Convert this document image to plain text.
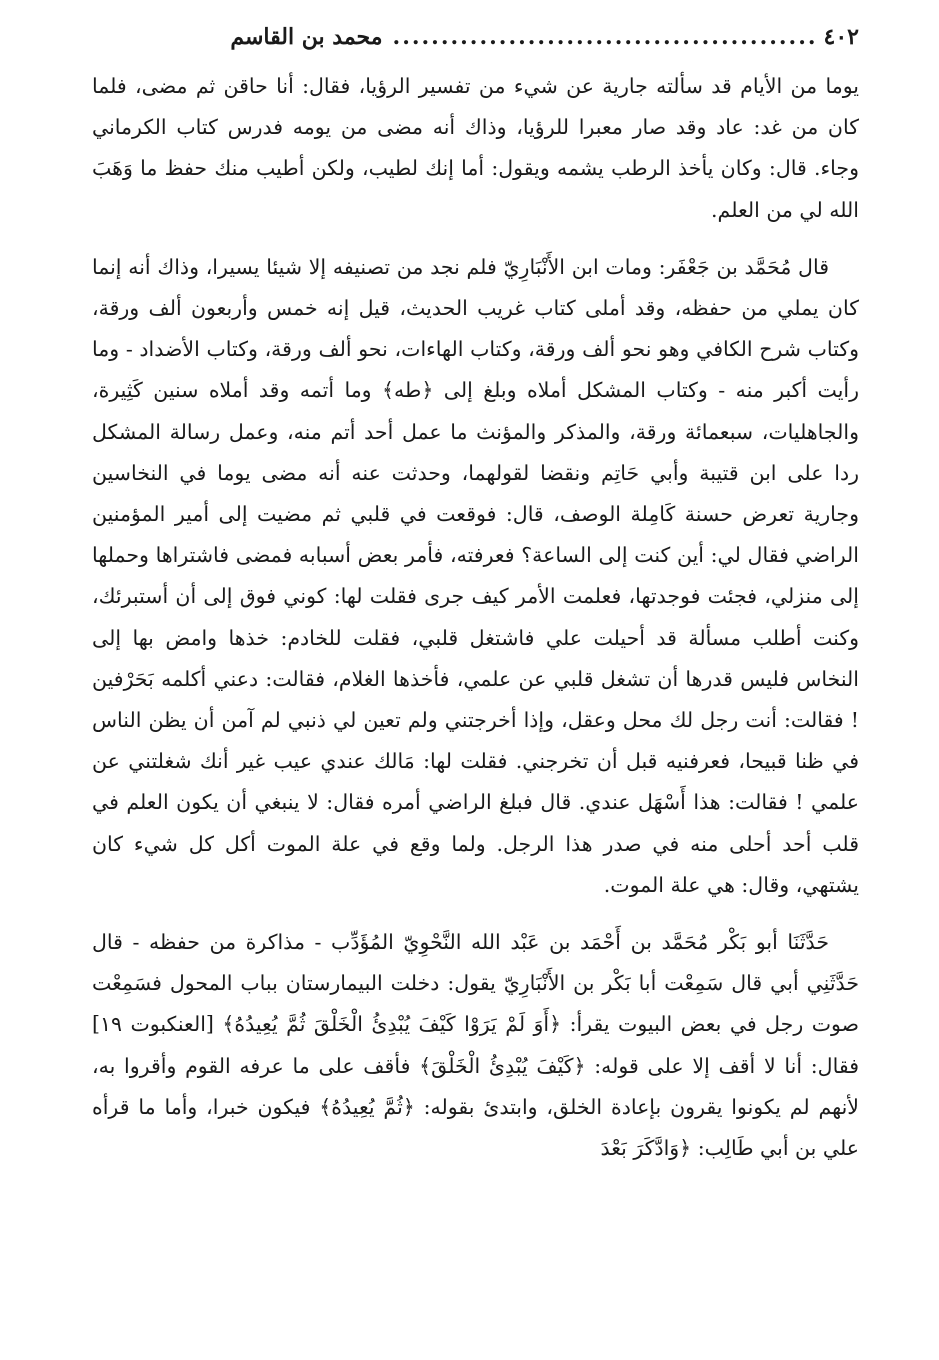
٤٠٢
............................................
محمد بن القاسم

يوما من الأيام قد سألته جارية عن شيء من تفسير الرؤيا، فقال: أنا حاقن ثم مضى، فلما كان من غد: عاد وقد صار معبرا للرؤيا، وذاك أنه مضى من يومه فدرس كتاب الكرماني وجاء. قال: وكان يأخذ الرطب يشمه ويقول: أما إنك لطيب، ولكن أطيب منك حفظ ما وَهَبَ الله لي من العلم.

قال مُحَمَّد بن جَعْفَر: ومات ابن الأَنْبَارِيّ فلم نجد من تصنيفه إلا شيئا يسيرا، وذاك أنه إنما كان يملي من حفظه، وقد أملى كتاب غريب الحديث، قيل إنه خمس وأربعون ألف ورقة، وكتاب شرح الكافي وهو نحو ألف ورقة، وكتاب الهاءات، نحو ألف ورقة، وكتاب الأضداد - وما رأيت أكبر منه - وكتاب المشكل أملاه وبلغ إلى ﴿طه﴾ وما أتمه وقد أملاه سنين كَثِيرة، والجاهليات، سبعمائة ورقة، والمذكر والمؤنث ما عمل أحد أتم منه، وعمل رسالة المشكل ردا على ابن قتيبة وأبي حَاتِم ونقضا لقولهما، وحدثت عنه أنه مضى يوما في النخاسين وجارية تعرض حسنة كَامِلة الوصف، قال: فوقعت في قلبي ثم مضيت إلى أمير المؤمنين الراضي فقال لي: أين كنت إلى الساعة؟ فعرفته، فأمر بعض أسبابه فمضى فاشتراها وحملها إلى منزلي، فجئت فوجدتها، فعلمت الأمر كيف جرى فقلت لها: كوني فوق إلى أن أستبرئك، وكنت أطلب مسألة قد أحيلت علي فاشتغل قلبي، فقلت للخادم: خذها وامض بها إلى النخاس فليس قدرها أن تشغل قلبي عن علمي، فأخذها الغلام، فقالت: دعني أكلمه بَحَرْفين ! فقالت: أنت رجل لك محل وعقل، وإذا أخرجتني ولم تعين لي ذنبي لم آمن أن يظن الناس في ظنا قبيحا، فعرفنيه قبل أن تخرجني. فقلت لها: مَالك عندي عيب غير أنك شغلتني عن علمي ! فقالت: هذا أَسْهَل عندي. قال فبلغ الراضي أمره فقال: لا ينبغي أن يكون العلم في قلب أحد أحلى منه في صدر هذا الرجل. ولما وقع في علة الموت أكل كل شيء كان يشتهي، وقال: هي علة الموت.

حَدَّثَنَا أبو بَكْر مُحَمَّد بن أَحْمَد بن عَبْد الله النَّحْوِيّ المُؤَدِّب - مذاكرة من حفظه - قال حَدَّثَنِي أبي قال سَمِعْت أبا بَكْر بن الأَنْبَارِيّ يقول: دخلت البيمارستان بباب المحول فسَمِعْت صوت رجل في بعض البيوت يقرأ: ﴿أَوَ لَمْ يَرَوْا كَيْفَ يُبْدِئُ الْخَلْقَ ثُمَّ يُعِيدُهُ﴾ [العنكبوت ١٩] فقال: أنا لا أقف إلا على قوله: ﴿كَيْفَ يُبْدِئُ الْخَلْقَ﴾ فأقف على ما عرفه القوم وأقروا به، لأنهم لم يكونوا يقرون بإعادة الخلق، وابتدئ بقوله: ﴿ثُمَّ يُعِيدُهُ﴾ فيكون خبرا، وأما ما قرأه علي بن أبي طَالِب: ﴿وَادَّكَرَ بَعْدَ
